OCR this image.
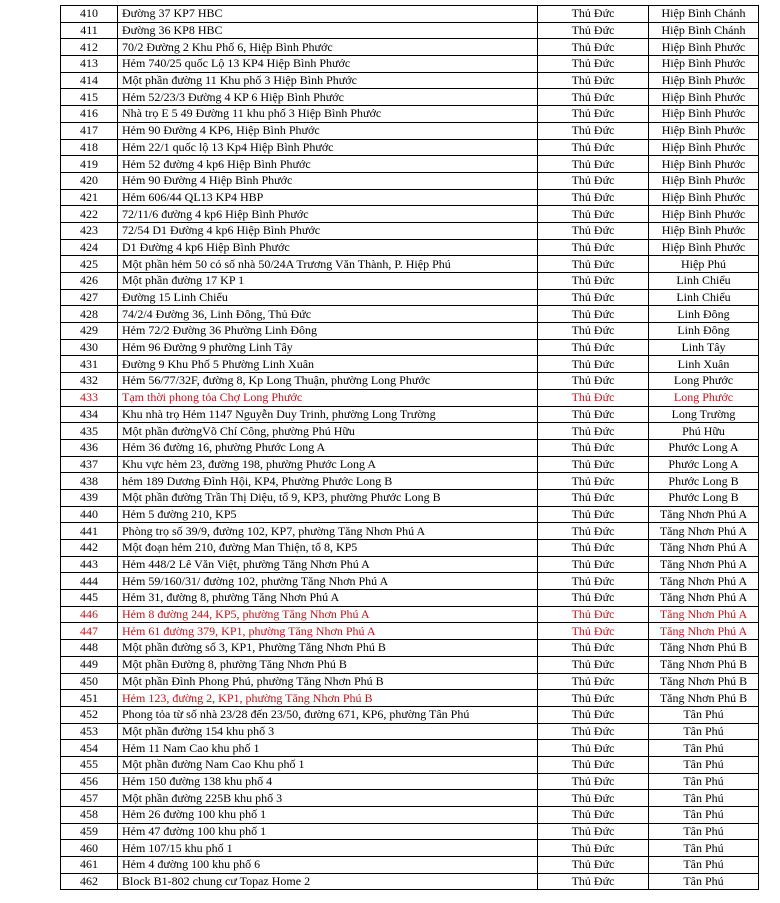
410	Đường 37 KP7 HBC	Thủ Đức	Hiệp Bình Chánh
411	Đường 36 KP8 HBC	Thủ Đức	Hiệp Bình Chánh
412	70/2 Đường 2 Khu Phố 6, Hiệp Bình Phước	Thủ Đức	Hiệp Bình Phước
413	Hẻm 740/25 quốc Lộ 13 KP4 Hiệp Bình Phước	Thủ Đức	Hiệp Bình Phước
414	Một phần đường 11 Khu phố 3 Hiệp Bình Phước	Thủ Đức	Hiệp Bình Phước
415	Hẻm 52/23/3 Đường 4 KP 6 Hiệp Bình Phước	Thủ Đức	Hiệp Bình Phước
416	Nhà trọ E 5 49 Đường 11 khu phố 3 Hiệp Bình Phước	Thủ Đức	Hiệp Bình Phước
417	Hẻm 90 Đường 4 KP6, Hiệp Bình Phước	Thủ Đức	Hiệp Bình Phước
418	Hẻm 22/1 quốc lộ 13 Kp4 Hiệp Bình Phước	Thủ Đức	Hiệp Bình Phước
419	Hẻm 52 đường 4 kp6 Hiệp Bình Phước	Thủ Đức	Hiệp Bình Phước
420	Hẻm 90 Đường 4 Hiệp Bình Phước	Thủ Đức	Hiệp Bình Phước
421	Hẻm 606/44 QL13 KP4 HBP	Thủ Đức	Hiệp Bình Phước
422	72/11/6 đường 4 kp6 Hiệp Bình Phước	Thủ Đức	Hiệp Bình Phước
423	72/54 D1 Đường 4 kp6 Hiệp Bình Phước	Thủ Đức	Hiệp Bình Phước
424	D1 Đường 4 kp6 Hiệp Bình Phước	Thủ Đức	Hiệp Bình Phước
425	Một phần hẻm 50 có số nhà 50/24A Trương Văn Thành, P. Hiệp Phú	Thủ Đức	Hiệp Phú
426	Một phần đường 17 KP 1	Thủ Đức	Linh Chiểu
427	Đường 15 Linh Chiểu	Thủ Đức	Linh Chiểu
428	74/2/4 Đường 36, Linh Đông, Thủ Đức	Thủ Đức	Linh Đông
429	Hẻm 72/2 Đường 36 Phường Linh Đông	Thủ Đức	Linh Đông
430	Hẻm 96 Đường 9 phường Linh Tây	Thủ Đức	Linh Tây
431	Đường 9 Khu Phố 5 Phường Linh Xuân	Thủ Đức	Linh Xuân
432	Hẻm 56/77/32F, đường 8, Kp Long Thuận, phường Long Phước	Thủ Đức	Long Phước
433	Tạm thời phong tỏa Chợ Long Phước	Thủ Đức	Long Phước
434	Khu nhà trọ Hẻm 1147 Nguyễn Duy Trinh, phường Long Trường	Thủ Đức	Long Trường
435	Một phần đườngVõ Chí Công, phường Phú Hữu	Thủ Đức	Phú Hữu
436	Hẻm 36 đường 16, phường Phước Long A	Thủ Đức	Phước Long A
437	Khu vực hẻm 23, đường 198, phường Phước Long A	Thủ Đức	Phước Long A
438	hẻm 189 Dương Đình Hội, KP4, Phường Phước Long B	Thủ Đức	Phước Long B
439	Một phần đường Trần Thị Diệu, tổ 9, KP3, phường Phước Long B	Thủ Đức	Phước Long B
440	Hẻm 5 đường 210, KP5	Thủ Đức	Tăng Nhơn Phú A
441	Phòng trọ số 39/9, đường 102, KP7, phường Tăng Nhơn Phú A	Thủ Đức	Tăng Nhơn Phú A
442	Một đoạn hẻm 210, đường Man Thiện, tổ 8, KP5	Thủ Đức	Tăng Nhơn Phú A
443	Hẻm 448/2 Lê Văn Việt, phường Tăng Nhơn Phú A	Thủ Đức	Tăng Nhơn Phú A
444	Hẻm 59/160/31/ đường 102, phường Tăng Nhơn Phú A	Thủ Đức	Tăng Nhơn Phú A
445	Hẻm 31, đường 8, phường Tăng Nhơn Phú A	Thủ Đức	Tăng Nhơn Phú A
446	Hẻm 8 đường 244, KP5, phường Tăng Nhơn Phú A	Thủ Đức	Tăng Nhơn Phú A
447	Hẻm 61 đường 379, KP1, phường Tăng Nhơn Phú A	Thủ Đức	Tăng Nhơn Phú A
448	Một phần đường số 3, KP1, Phường Tăng Nhơn Phú B	Thủ Đức	Tăng Nhơn Phú B
449	Một phần Đường 8, phường Tăng Nhơn Phú B	Thủ Đức	Tăng Nhơn Phú B
450	Một phần Đình Phong Phú, phường Tăng Nhơn Phú B	Thủ Đức	Tăng Nhơn Phú B
451	Hẻm 123, đường 2, KP1, phường Tăng Nhơn Phú B	Thủ Đức	Tăng Nhơn Phú B
452	Phong tỏa từ số nhà 23/28 đến 23/50, đường 671, KP6, phường Tân Phú	Thủ Đức	Tân Phú
453	Một phần đường 154 khu phố 3	Thủ Đức	Tân Phú
454	Hẻm 11 Nam Cao khu phố 1	Thủ Đức	Tân Phú
455	Một phần đường Nam Cao Khu phố 1	Thủ Đức	Tân Phú
456	Hẻm 150 đường 138 khu phố 4	Thủ Đức	Tân Phú
457	Một phần đường 225B khu phố 3	Thủ Đức	Tân Phú
458	Hẻm 26 đường 100 khu phố 1	Thủ Đức	Tân Phú
459	Hẻm 47 đường 100 khu phố 1	Thủ Đức	Tân Phú
460	Hẻm 107/15 khu phố 1	Thủ Đức	Tân Phú
461	Hẻm 4 đường 100 khu phố 6	Thủ Đức	Tân Phú
462	Block B1-802 chung cư Topaz Home 2	Thủ Đức	Tân Phú
